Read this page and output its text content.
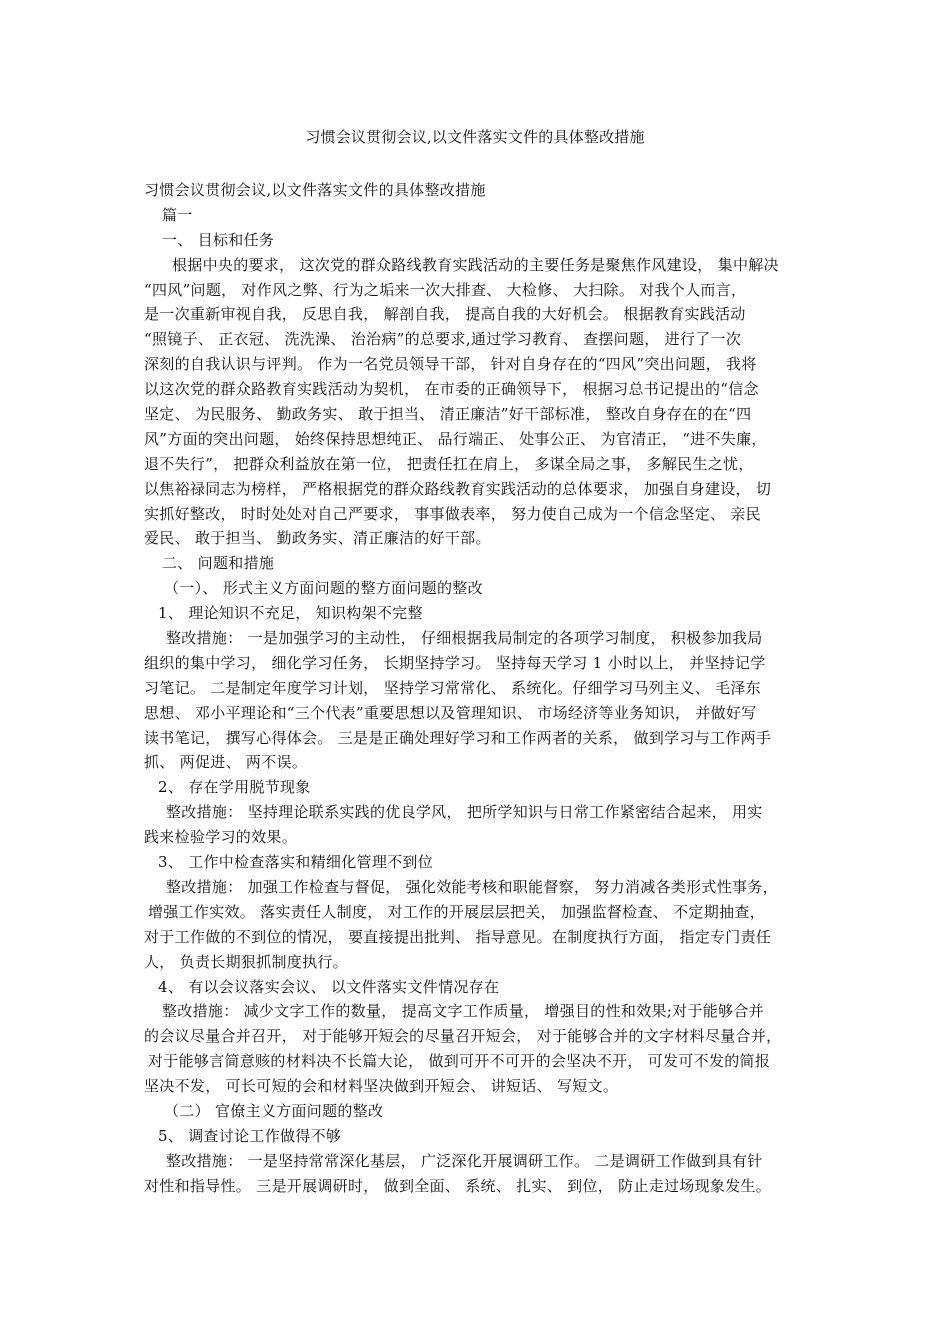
习惯会议贯彻会议,以文件落实文件的具体整改措施
习惯会议贯彻会议,以文件落实文件的具体整改措施
篇一
一、 目标和任务
根据中央的要求， 这次党的群众路线教育实践活动的主要任务是聚焦作风建设， 集中解决
“四风”问题， 对作风之弊、行为之垢来一次大排查、 大检修、 大扫除。 对我个人而言，
是一次重新审视自我， 反思自我， 解剖自我， 提高自我的大好机会。 根据教育实践活动
“照镜子、 正衣冠、 洗洗澡、 治治病”的总要求,通过学习教育、 查摆问题， 进行了一次
深刻的自我认识与评判。 作为一名党员领导干部， 针对自身存在的“四风”突出问题， 我将
以这次党的群众路教育实践活动为契机， 在市委的正确领导下， 根据习总书记提出的“信念
坚定、 为民服务、 勤政务实、 敢于担当、 清正廉洁”好干部标准， 整改自身存在的在“四
风”方面的突出问题， 始终保持思想纯正、 品行端正、 处事公正、 为官清正， “进不失廉，
退不失行”， 把群众利益放在第一位， 把责任扛在肩上， 多谋全局之事， 多解民生之忧，
以焦裕禄同志为榜样， 严格根据党的群众路线教育实践活动的总体要求， 加强自身建设， 切
实抓好整改， 时时处处对自己严要求， 事事做表率， 努力使自己成为一个信念坚定、 亲民
爱民、 敢于担当、 勤政务实、清正廉洁的好干部。
二、 问题和措施
（一）、 形式主义方面问题的整方面问题的整改
1、 理论知识不充足， 知识构架不完整
整改措施： 一是加强学习的主动性， 仔细根据我局制定的各项学习制度， 积极参加我局
组织的集中学习， 细化学习任务， 长期坚持学习。 坚持每天学习 1 小时以上， 并坚持记学
习笔记。 二是制定年度学习计划， 坚持学习常常化、 系统化。仔细学习马列主义、 毛泽东
思想、 邓小平理论和“三个代表”重要思想以及管理知识、 市场经济等业务知识， 并做好写
读书笔记， 撰写心得体会。 三是是正确处理好学习和工作两者的关系， 做到学习与工作两手
抓、 两促进、 两不误。
2、 存在学用脱节现象
整改措施： 坚持理论联系实践的优良学风， 把所学知识与日常工作紧密结合起来， 用实
践来检验学习的效果。
3、 工作中检查落实和精细化管理不到位
整改措施： 加强工作检查与督促， 强化效能考核和职能督察， 努力消减各类形式性事务，
增强工作实效。 落实责任人制度， 对工作的开展层层把关， 加强监督检查、 不定期抽查，
对于工作做的不到位的情况， 要直接提出批判、 指导意见。在制度执行方面， 指定专门责任
人， 负责长期狠抓制度执行。
4、 有以会议落实会议、 以文件落实文件情况存在
整改措施： 减少文字工作的数量， 提高文字工作质量， 增强目的性和效果;对于能够合并
的会议尽量合并召开， 对于能够开短会的尽量召开短会， 对于能够合并的文字材料尽量合并，
对于能够言简意赅的材料决不长篇大论， 做到可开不可开的会坚决不开， 可发可不发的简报
坚决不发， 可长可短的会和材料坚决做到开短会、 讲短话、 写短文。
（二） 官僚主义方面问题的整改
5、 调查讨论工作做得不够
整改措施： 一是坚持常常深化基层， 广泛深化开展调研工作。 二是调研工作做到具有针
对性和指导性。 三是开展调研时， 做到全面、 系统、 扎实、 到位， 防止走过场现象发生。
